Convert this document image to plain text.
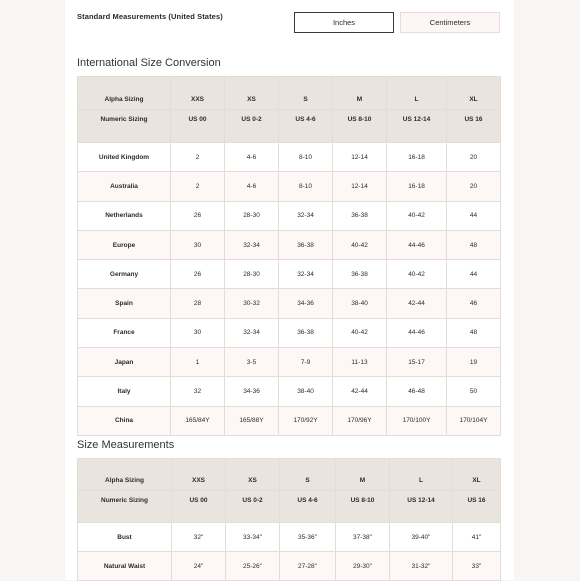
Standard Measurements (United States)
Inches	Centimeters
International Size Conversion
Alpha Sizing	XXS	XS	S	M	L	XL
Numeric Sizing	US 00	US 0-2	US 4-6	US 8-10	US 12-14	US 16
United Kingdom	2	4-6	8-10	12-14	16-18	20
Australia	2	4-6	8-10	12-14	16-18	20
Netherlands	26	28-30	32-34	36-38	40-42	44
Europe	30	32-34	36-38	40-42	44-46	48
Germany	26	28-30	32-34	36-38	40-42	44
Spain	28	30-32	34-36	38-40	42-44	46
France	30	32-34	36-38	40-42	44-46	48
Japan	1	3-5	7-9	11-13	15-17	19
Italy	32	34-36	38-40	42-44	46-48	50
China	165/84Y	165/88Y	170/92Y	170/96Y	170/100Y	170/104Y
Size Measurements
Alpha Sizing	XXS	XS	S	M	L	XL
Numeric Sizing	US 00	US 0-2	US 4-6	US 8-10	US 12-14	US 16
Bust	32"	33-34"	35-36"	37-38"	39-40"	41"
Natural Waist	24"	25-26"	27-28"	29-30"	31-32"	33"
